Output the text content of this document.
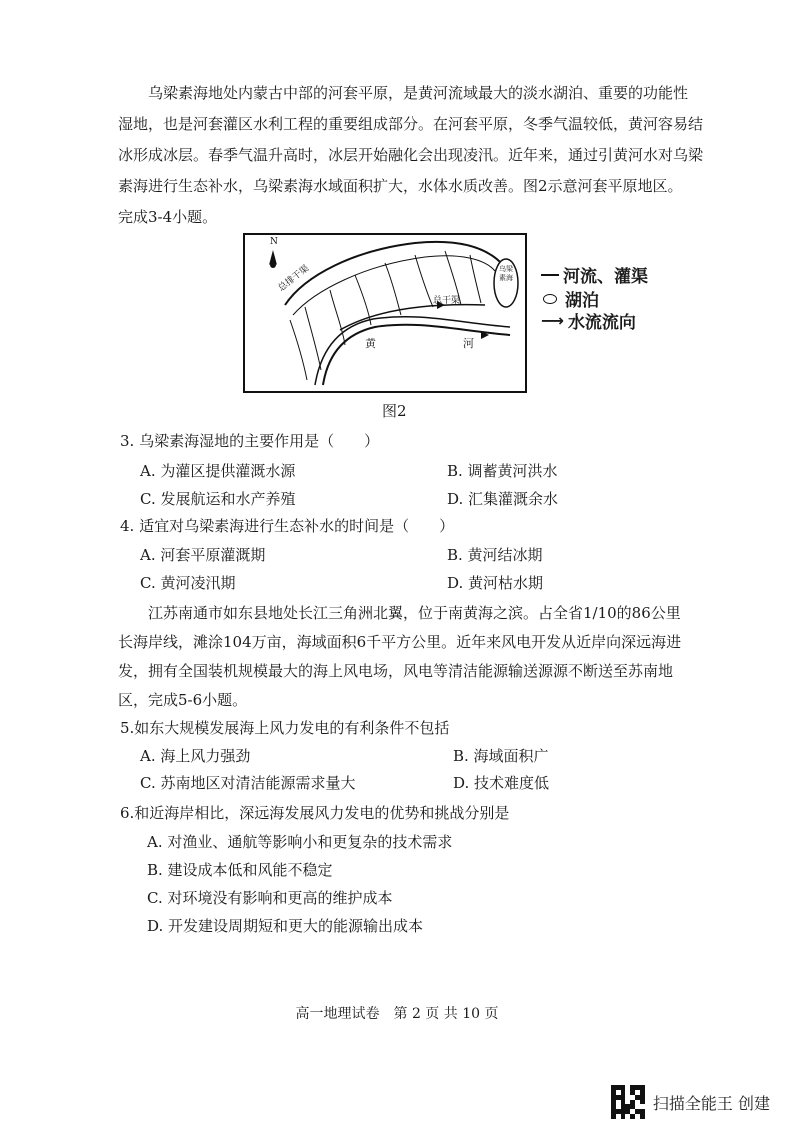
乌梁素海地处内蒙古中部的河套平原，是黄河流域最大的淡水湖泊、重要的功能性
湿地，也是河套灌区水利工程的重要组成部分。在河套平原，冬季气温较低，黄河容易结
冰形成冰层。春季气温升高时，冰层开始融化会出现凌汛。近年来，通过引黄河水对乌梁
素海进行生态补水，乌梁素海水域面积扩大，水体水质改善。图2示意河套平原地区。
完成3-4小题。
N
总排干渠
总干渠
黄	河
乌梁素海	河流、灌渠
湖泊
⟶ 水流流向
图2
3. 乌梁素海湿地的主要作用是（　　）
A. 为灌区提供灌溉水源	B. 调蓄黄河洪水
C. 发展航运和水产养殖	D. 汇集灌溉余水
4. 适宜对乌梁素海进行生态补水的时间是（　　）
A. 河套平原灌溉期	B. 黄河结冰期
C. 黄河凌汛期	D. 黄河枯水期
江苏南通市如东县地处长江三角洲北翼，位于南黄海之滨。占全省1/10的86公里
长海岸线，滩涂104万亩，海域面积6千平方公里。近年来风电开发从近岸向深远海进
发，拥有全国装机规模最大的海上风电场，风电等清洁能源输送源源不断送至苏南地
区，完成5-6小题。
5.如东大规模发展海上风力发电的有利条件不包括
A. 海上风力强劲	B. 海域面积广
C. 苏南地区对清洁能源需求量大	D. 技术难度低
6.和近海岸相比，深远海发展风力发电的优势和挑战分别是
A. 对渔业、通航等影响小和更复杂的技术需求
B. 建设成本低和风能不稳定
C. 对环境没有影响和更高的维护成本
D. 开发建设周期短和更大的能源输出成本
高一地理试卷　第 2 页 共 10 页
扫描全能王 创建
